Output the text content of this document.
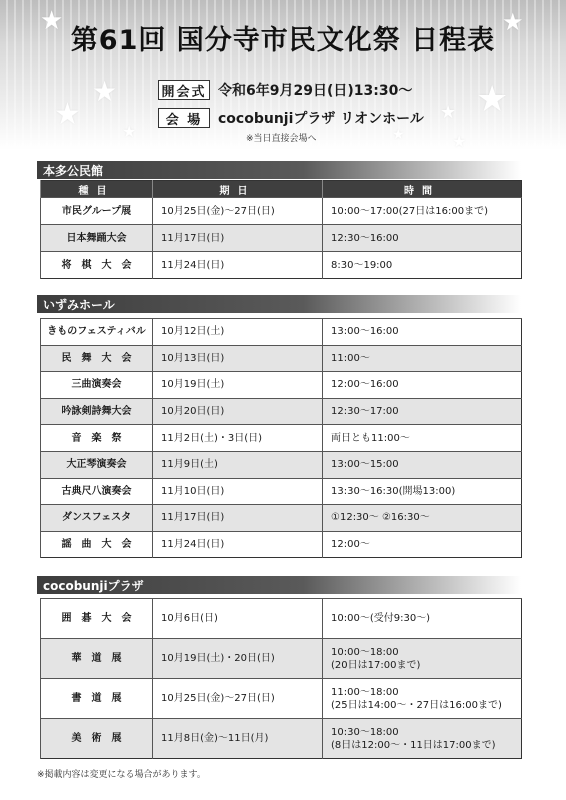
★	★
★
★	★ ★
★	★	★
第61回 国分寺市民文化祭 日程表
開会式 令和6年9月29日(日)13:30～
会 場	cocobunjiプラザ リオンホール
※当日直接会場へ
本多公民館
種目	期日	時間
市民グループ展	10月25日(金)～27日(日)	10:00～17:00(27日は16:00まで)
日本舞踊大会	11月17日(日)	12:30～16:00
将　棋　大　会	11月24日(日)	8:30～19:00
いずみホール
きものフェスティバル	10月12日(土)	13:00～16:00
民　舞　大　会	10月13日(日)	11:00～
三曲演奏会	10月19日(土)	12:00～16:00
吟詠剣詩舞大会	10月20日(日)	12:30～17:00
音　楽　祭	11月2日(土)・3日(日)	両日とも11:00～
大正琴演奏会	11月9日(土)	13:00～15:00
古典尺八演奏会	11月10日(日)	13:30～16:30(開場13:00)
ダンスフェスタ	11月17日(日)	①12:30～ ②16:30～
謡　曲　大　会	11月24日(日)	12:00～
cocobunjiプラザ
囲　碁　大　会	10月6日(日)	10:00～(受付9:30～)

華　道　展	10月19日(土)・20日(日)	10:00～18:00
(20日は17:00まで)

書　道　展	10月25日(金)～27日(日)	11:00～18:00
(25日は14:00～・27日は16:00まで)

美　術　展	11月8日(金)～11日(月)	10:30～18:00
(8日は12:00～・11日は17:00まで)
※掲載内容は変更になる場合があります。
